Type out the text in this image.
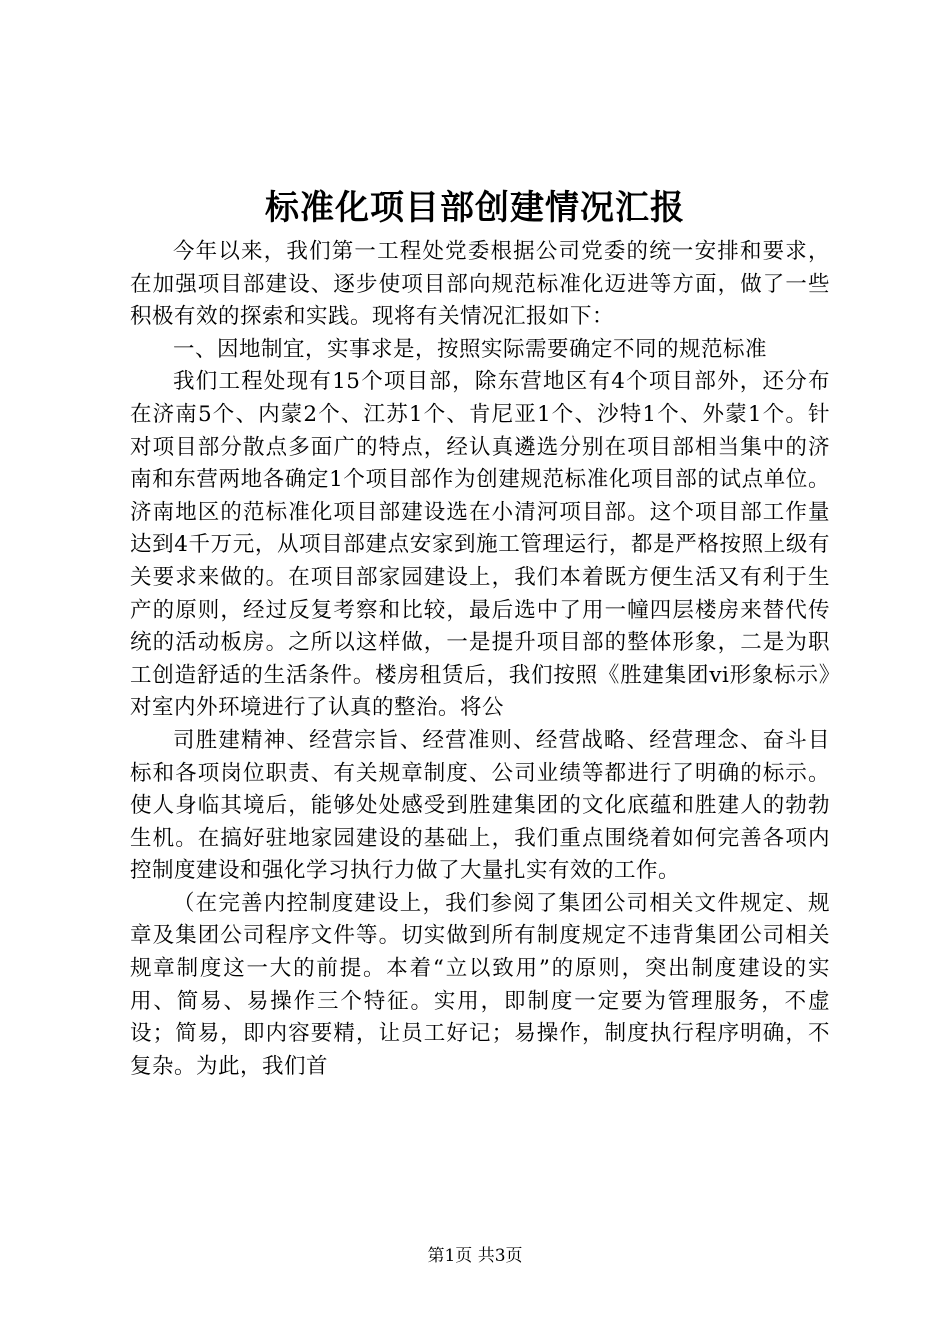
标准化项目部创建情况汇报

今年以来，我们第一工程处党委根据公司党委的统一安排和要求，在加强项目部建设、逐步使项目部向规范标准化迈进等方面，做了一些积极有效的探索和实践。现将有关情况汇报如下：

一、因地制宜，实事求是，按照实际需要确定不同的规范标准

我们工程处现有15个项目部，除东营地区有4个项目部外，还分布在济南5个、内蒙2个、江苏1个、肯尼亚1个、沙特1个、外蒙1个。针对项目部分散点多面广的特点，经认真遴选分别在项目部相当集中的济南和东营两地各确定1个项目部作为创建规范标准化项目部的试点单位。济南地区的范标准化项目部建设选在小清河项目部。这个项目部工作量达到4千万元，从项目部建点安家到施工管理运行，都是严格按照上级有关要求来做的。在项目部家园建设上，我们本着既方便生活又有利于生产的原则，经过反复考察和比较，最后选中了用一幢四层楼房来替代传统的活动板房。之所以这样做，一是提升项目部的整体形象，二是为职工创造舒适的生活条件。楼房租赁后，我们按照《胜建集团vi形象标示》对室内外环境进行了认真的整治。将公

司胜建精神、经营宗旨、经营准则、经营战略、经营理念、奋斗目标和各项岗位职责、有关规章制度、公司业绩等都进行了明确的标示。使人身临其境后，能够处处感受到胜建集团的文化底蕴和胜建人的勃勃生机。在搞好驻地家园建设的基础上，我们重点围绕着如何完善各项内控制度建设和强化学习执行力做了大量扎实有效的工作。

（在完善内控制度建设上，我们参阅了集团公司相关文件规定、规章及集团公司程序文件等。切实做到所有制度规定不违背集团公司相关规章制度这一大的前提。本着“立以致用”的原则，突出制度建设的实用、简易、易操作三个特征。实用，即制度一定要为管理服务，不虚设；简易，即内容要精，让员工好记；易操作，制度执行程序明确，不复杂。为此，我们首

第1页 共3页
